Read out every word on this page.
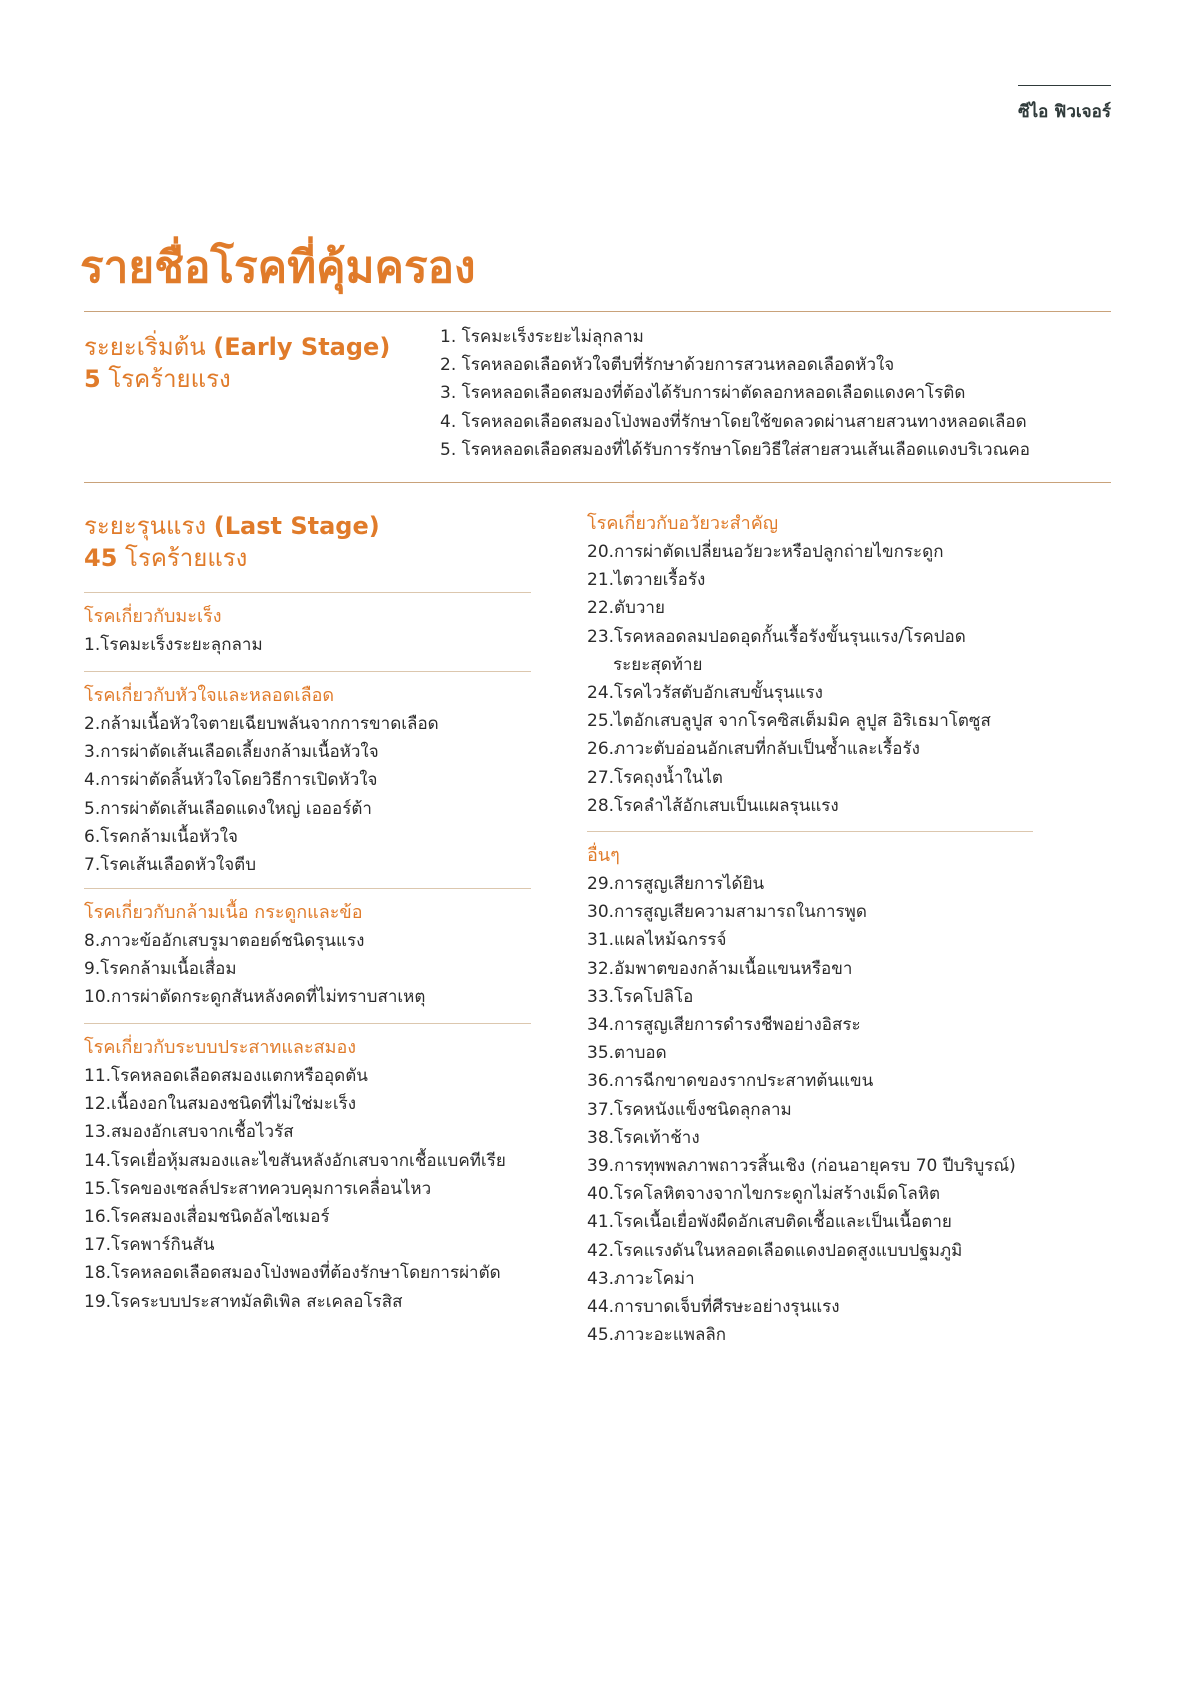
ซีไอ ฟิวเจอร์
รายชื่อโรคที่คุ้มครอง
ระยะเริ่มต้น (Early Stage)
5 โรคร้ายแรง
1. โรคมะเร็งระยะไม่ลุกลาม
2. โรคหลอดเลือดหัวใจตีบที่รักษาด้วยการสวนหลอดเลือดหัวใจ
3. โรคหลอดเลือดสมองที่ต้องได้รับการผ่าตัดลอกหลอดเลือดแดงคาโรติด
4. โรคหลอดเลือดสมองโป่งพองที่รักษาโดยใช้ขดลวดผ่านสายสวนทางหลอดเลือด
5. โรคหลอดเลือดสมองที่ได้รับการรักษาโดยวิธีใส่สายสวนเส้นเลือดแดงบริเวณคอ
ระยะรุนแรง (Last Stage)
45 โรคร้ายแรง
โรคเกี่ยวกับมะเร็ง
1.โรคมะเร็งระยะลุกลาม
โรคเกี่ยวกับหัวใจและหลอดเลือด
2.กล้ามเนื้อหัวใจตายเฉียบพลันจากการขาดเลือด
3.การผ่าตัดเส้นเลือดเลี้ยงกล้ามเนื้อหัวใจ
4.การผ่าตัดลิ้นหัวใจโดยวิธีการเปิดหัวใจ
5.การผ่าตัดเส้นเลือดแดงใหญ่ เอออร์ต้า
6.โรคกล้ามเนื้อหัวใจ
7.โรคเส้นเลือดหัวใจตีบ
โรคเกี่ยวกับกล้ามเนื้อ กระดูกและข้อ
8.ภาวะข้ออักเสบรูมาตอยด์ชนิดรุนแรง
9.โรคกล้ามเนื้อเสื่อม
10.การผ่าตัดกระดูกสันหลังคดที่ไม่ทราบสาเหตุ
โรคเกี่ยวกับระบบประสาทและสมอง
11.โรคหลอดเลือดสมองแตกหรืออุดตัน
12.เนื้องอกในสมองชนิดที่ไม่ใช่มะเร็ง
13.สมองอักเสบจากเชื้อไวรัส
14.โรคเยื่อหุ้มสมองและไขสันหลังอักเสบจากเชื้อแบคทีเรีย
15.โรคของเซลล์ประสาทควบคุมการเคลื่อนไหว
16.โรคสมองเสื่อมชนิดอัลไซเมอร์
17.โรคพาร์กินสัน
18.โรคหลอดเลือดสมองโป่งพองที่ต้องรักษาโดยการผ่าตัด
19.โรคระบบประสาทมัลติเพิล สะเคลอโรสิส
โรคเกี่ยวกับอวัยวะสำคัญ
20.การผ่าตัดเปลี่ยนอวัยวะหรือปลูกถ่ายไขกระดูก
21.ไตวายเรื้อรัง
22.ตับวาย
23.โรคหลอดลมปอดอุดกั้นเรื้อรังขั้นรุนแรง/โรคปอด
ระยะสุดท้าย
24.โรคไวรัสตับอักเสบขั้นรุนแรง
25.ไตอักเสบลูปูส จากโรคซิสเต็มมิค ลูปูส อิริเธมาโตซูส
26.ภาวะตับอ่อนอักเสบที่กลับเป็นซ้ำและเรื้อรัง
27.โรคถุงน้ำในไต
28.โรคลำไส้อักเสบเป็นแผลรุนแรง
อื่นๆ
29.การสูญเสียการได้ยิน
30.การสูญเสียความสามารถในการพูด
31.แผลไหม้ฉกรรจ์
32.อัมพาตของกล้ามเนื้อแขนหรือขา
33.โรคโปลิโอ
34.การสูญเสียการดำรงชีพอย่างอิสระ
35.ตาบอด
36.การฉีกขาดของรากประสาทต้นแขน
37.โรคหนังแข็งชนิดลุกลาม
38.โรคเท้าช้าง
39.การทุพพลภาพถาวรสิ้นเชิง (ก่อนอายุครบ 70 ปีบริบูรณ์)
40.โรคโลหิตจางจากไขกระดูกไม่สร้างเม็ดโลหิต
41.โรคเนื้อเยื่อพังผืดอักเสบติดเชื้อและเป็นเนื้อตาย
42.โรคแรงดันในหลอดเลือดแดงปอดสูงแบบปฐมภูมิ
43.ภาวะโคม่า
44.การบาดเจ็บที่ศีรษะอย่างรุนแรง
45.ภาวะอะแพลลิก
